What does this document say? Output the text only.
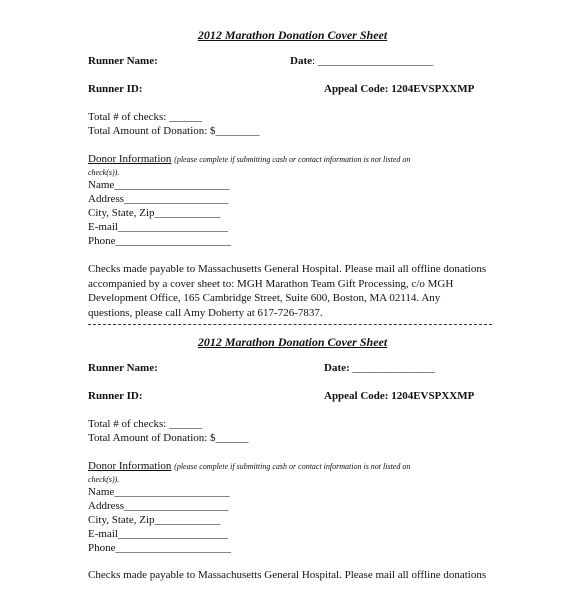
2012 Marathon Donation Cover Sheet
Runner Name:	Date: _____________________
Runner ID:	Appeal Code: 1204EVSPXXMP
Total # of checks: ______
Total Amount of Donation: $________
Donor Information (please complete if submitting cash or contact information is not listed on
check(s)).
Name_____________________
Address___________________
City, State, Zip____________
E-mail____________________
Phone_____________________
Checks made payable to Massachusetts General Hospital. Please mail all offline donations
accompanied by a cover sheet to: MGH Marathon Team Gift Processing, c/o MGH
Development Office, 165 Cambridge Street, Suite 600, Boston, MA 02114. Any
questions, please call Amy Doherty at 617-726-7837.
2012 Marathon Donation Cover Sheet
Runner Name:	Date: _______________
Runner ID:	Appeal Code: 1204EVSPXXMP
Total # of checks: ______
Total Amount of Donation: $______
Donor Information (please complete if submitting cash or contact information is not listed on
check(s)).
Name_____________________
Address___________________
City, State, Zip____________
E-mail____________________
Phone_____________________
Checks made payable to Massachusetts General Hospital. Please mail all offline donations
